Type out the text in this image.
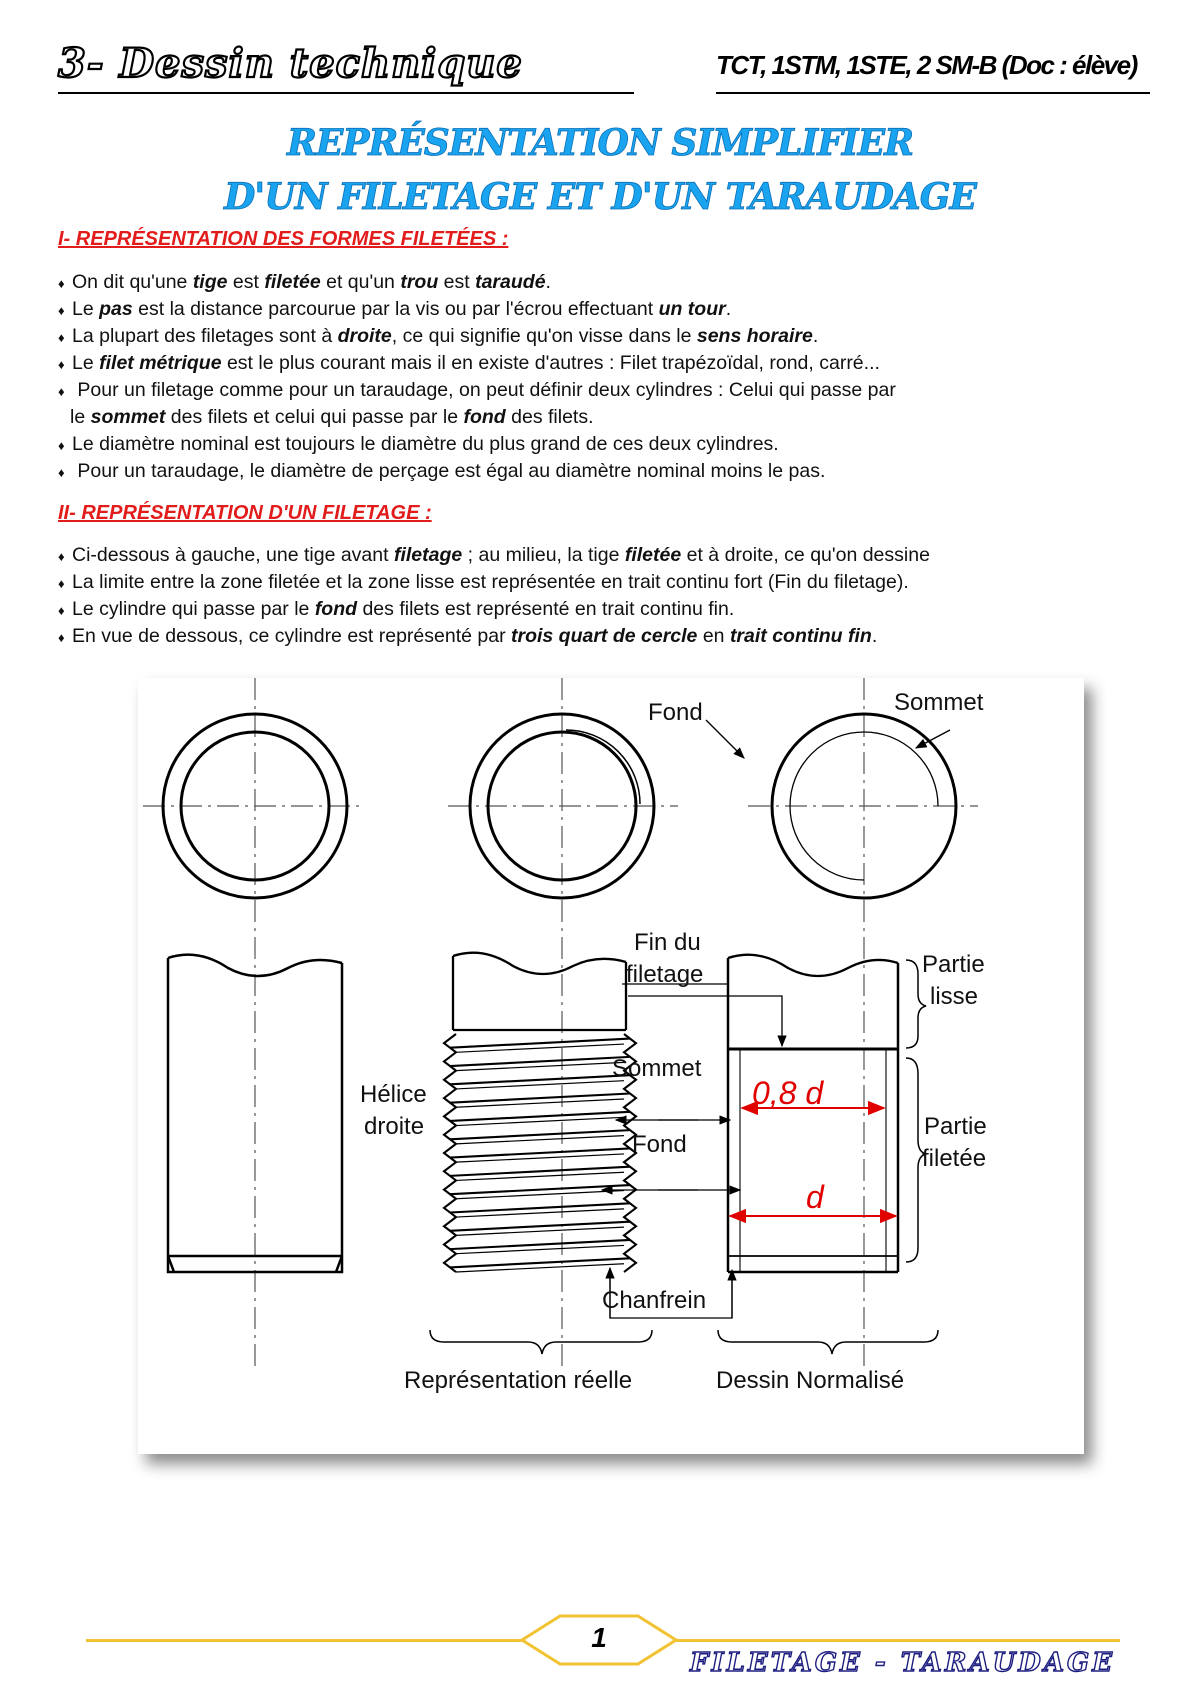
3- Dessin technique	TCT, 1STM, 1STE, 2 SM-B (Doc : élève)
REPRÉSENTATION SIMPLIFIER
D'UN FILETAGE ET D'UN TARAUDAGE
I- REPRÉSENTATION DES FORMES FILETÉES :
♦ On dit qu'une tige est filetée et qu'un trou est taraudé.
♦ Le pas est la distance parcourue par la vis ou par l'écrou effectuant un tour.
♦ La plupart des filetages sont à droite, ce qui signifie qu'on visse dans le sens horaire.
♦ Le filet métrique est le plus courant mais il en existe d'autres : Filet trapézoïdal, rond, carré...
♦ Pour un filetage comme pour un taraudage, on peut définir deux cylindres : Celui qui passe par
le sommet des filets et celui qui passe par le fond des filets.
♦ Le diamètre nominal est toujours le diamètre du plus grand de ces deux cylindres.
♦ Pour un taraudage, le diamètre de perçage est égal au diamètre nominal moins le pas.
II- REPRÉSENTATION D'UN FILETAGE :
♦ Ci-dessous à gauche, une tige avant filetage ; au milieu, la tige filetée et à droite, ce qu'on dessine
♦ La limite entre la zone filetée et la zone lisse est représentée en trait continu fort (Fin du filetage).
♦ Le cylindre qui passe par le fond des filets est représenté en trait continu fin.
♦ En vue de dessous, ce cylindre est représenté par trois quart de cercle en trait continu fin.
Fond	Sommet
Fin du
filetage	Partie
lisse
Sommet
Hélice
droite
Fond
Partie
filetée
Chanfrein
Représentation réelle	Dessin Normalisé
0,8 d
d
1
FILETAGE - TARAUDAGE
